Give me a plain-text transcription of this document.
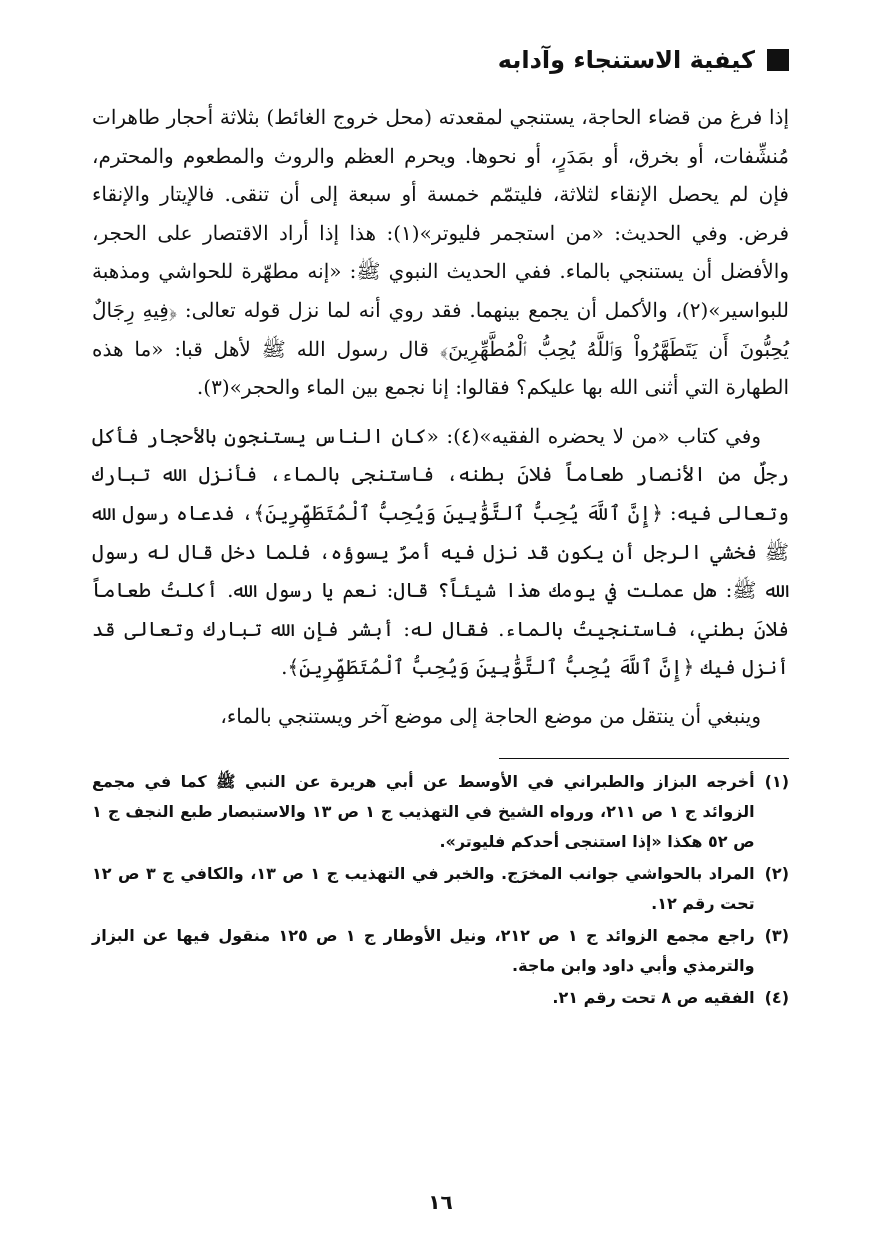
كيفية الاستنجاء وآدابه

إذا فرغ من قضاء الحاجة، يستنجي لمقعدته (محل خروج الغائط) بثلاثة أحجار طاهرات مُنشِّفات، أو بخرق، أو بمَدَرٍ، أو نحوها. ويحرم العظم والروث والمطعوم والمحترم، فإن لم يحصل الإنقاء لثلاثة، فليتمّم خمسة أو سبعة إلى أن تنقى. فالإيتار والإنقاء فرض. وفي الحديث: «من استجمر فليوتر»(١): هذا إذا أراد الاقتصار على الحجر، والأفضل أن يستنجي بالماء. ففي الحديث النبوي ﷺ: «إنه مطهّرة للحواشي ومذهبة للبواسير»(٢)، والأكمل أن يجمع بينهما. فقد روي أنه لما نزل قوله تعالى: ﴿فِيهِ رِجَالٌ يُحِبُّونَ أَن يَتَطَهَّرُواْ وَٱللَّهُ يُحِبُّ ٱلْمُطَّهِّرِينَ﴾ قال رسول الله ﷺ لأهل قبا: «ما هذه الطهارة التي أثنى الله بها عليكم؟ فقالوا: إنا نجمع بين الماء والحجر»(٣).

وفي كتاب «من لا يحضره الفقيه»(٤): «كان الناس يستنجون بالأحجار فأكل رجلٌ من الأنصار طعاماً فلانَ بطنه، فاستنجى بالماء، فأنزل الله تبارك وتعالى فيه: ﴿إِنَّ ٱللَّهَ يُحِبُّ ٱلتَّوَّٰبِينَ وَيُحِبُّ ٱلْمُتَطَهِّرِينَ﴾، فدعاه رسول الله ﷺ فخشي الرجل أن يكون قد نزل فيه أمرٌ يسوؤه، فلما دخل قال له رسول الله ﷺ: هل عملت في يومك هذا شيئاً؟ قال: نعم يا رسول الله. أكلتُ طعاماً فلانَ بطني، فاستنجيتُ بالماء. فقال له: أبشر فإن الله تبارك وتعالى قد أنزل فيك ﴿إِنَّ ٱللَّهَ يُحِبُّ ٱلتَّوَّٰبِينَ وَيُحِبُّ ٱلْمُتَطَهِّرِينَ﴾.

وينبغي أن ينتقل من موضع الحاجة إلى موضع آخر ويستنجي بالماء،

(١)
أخرجه البزاز والطبراني في الأوسط عن أبي هريرة عن النبي ﷺ كما في مجمع الزوائد ج ١ ص ٢١١، ورواه الشيخ في التهذيب ج ١ ص ١٣ والاستبصار طبع النجف ج ١ ص ٥٢ هكذا «إذا استنجى أحدكم فليوتر».
(٢)
المراد بالحواشي جوانب المخرَج. والخبر في التهذيب ج ١ ص ١٣، والكافي ج ٣ ص ١٢ تحت رقم ١٢.
(٣)
راجع مجمع الزوائد ج ١ ص ٢١٢، ونيل الأوطار ج ١ ص ١٢٥ منقول فيها عن البزاز والترمذي وأبي داود وابن ماجة.
(٤)
الفقيه ص ٨ تحت رقم ٢١.
١٦
